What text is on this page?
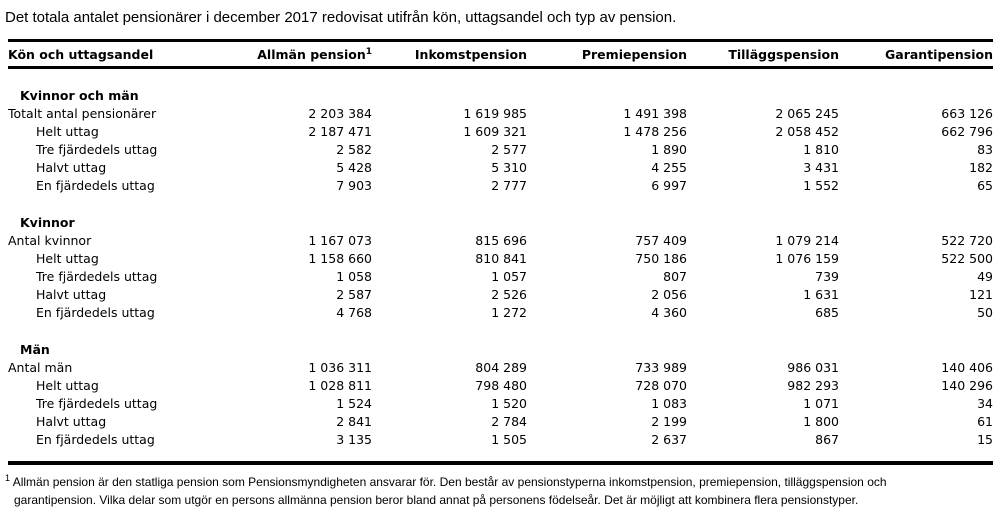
Det totala antalet pensionärer i december 2017 redovisat utifrån kön, uttagsandel och typ av pension.

Kön och uttagsandel	Allmän pension$^1$	Inkomstpension	Premiepension	Tilläggspension	Garantipension

Kvinnor och män					
Totalt antal pensionärer	2 203 384	1 619 985	1 491 398	2 065 245	663 126
Helt uttag	2 187 471	1 609 321	1 478 256	2 058 452	662 796
Tre fjärdedels uttag	2 582	2 577	1 890	1 810	83
Halvt uttag	5 428	5 310	4 255	3 431	182
En fjärdedels uttag	7 903	2 777	6 997	1 552	65

Kvinnor					
Antal kvinnor	1 167 073	815 696	757 409	1 079 214	522 720
Helt uttag	1 158 660	810 841	750 186	1 076 159	522 500
Tre fjärdedels uttag	1 058	1 057	807	739	49
Halvt uttag	2 587	2 526	2 056	1 631	121
En fjärdedels uttag	4 768	1 272	4 360	685	50

Män					
Antal män	1 036 311	804 289	733 989	986 031	140 406
Helt uttag	1 028 811	798 480	728 070	982 293	140 296
Tre fjärdedels uttag	1 524	1 520	1 083	1 071	34
Halvt uttag	2 841	2 784	2 199	1 800	61
En fjärdedels uttag	3 135	1 505	2 637	867	15

$^1$ Allmän pension är den statliga pension som Pensionsmyndigheten ansvarar för. Den består av pensionstyperna inkomstpension, premiepension, tilläggspension och
garantipension. Vilka delar som utgör en persons allmänna pension beror bland annat på personens födelseår. Det är möjligt att kombinera flera pensionstyper.
